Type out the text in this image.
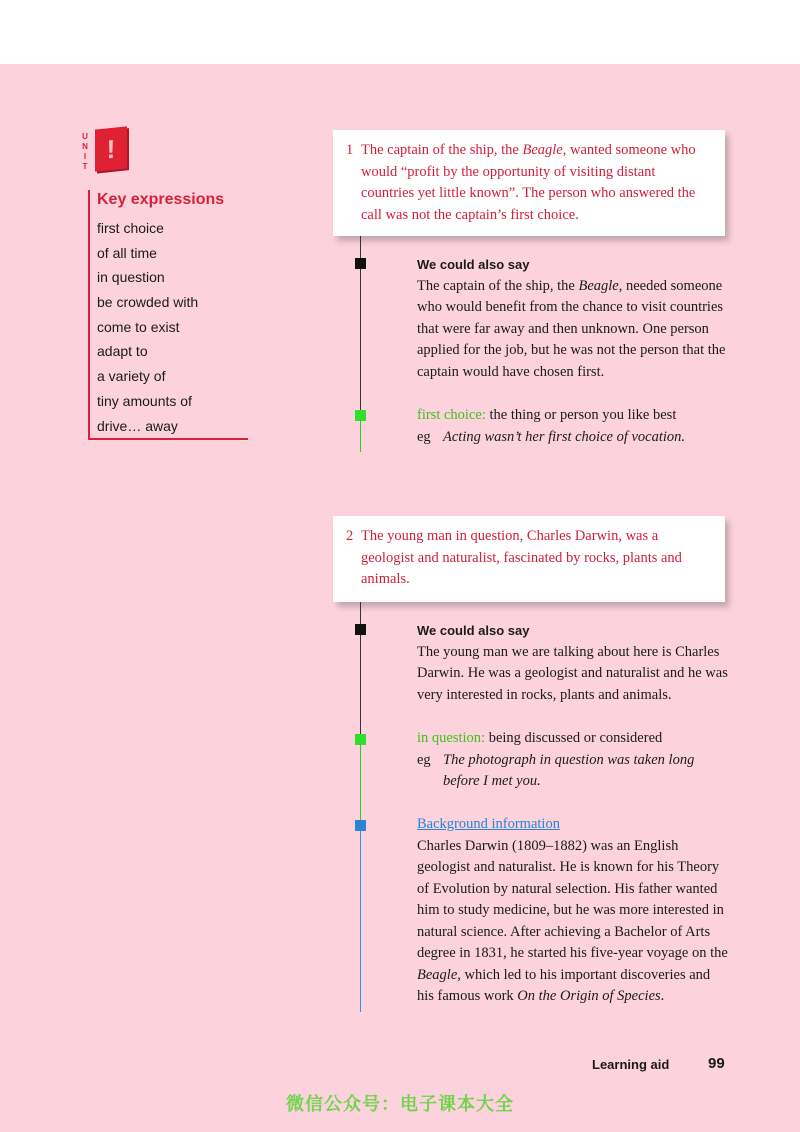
U
N
I
T
!
Key expressions
first choice
of all time
in question
be crowded with
come to exist
adapt to
a variety of
tiny amounts of
drive… away
1 The captain of the ship, the Beagle, wanted someone who would “profit by the opportunity of visiting distant countries yet little known”. The person who answered the call was not the captain’s first choice.
We could also say
The captain of the ship, the Beagle, needed someone who would benefit from the chance to visit countries that were far away and then unknown. One person applied for the job, but he was not the person that the captain would have chosen first.
first choice: the thing or person you like best
eg Acting wasn’t her first choice of vocation.
2 The young man in question, Charles Darwin, was a geologist and naturalist, fascinated by rocks, plants and animals.
We could also say
The young man we are talking about here is Charles Darwin. He was a geologist and naturalist and he was very interested in rocks, plants and animals.
in question: being discussed or considered
eg The photograph in question was taken long before I met you.
Background information
Charles Darwin (1809–1882) was an English geologist and naturalist. He is known for his Theory of Evolution by natural selection. His father wanted him to study medicine, but he was more interested in natural science. After achieving a Bachelor of Arts degree in 1831, he started his five-year voyage on the Beagle, which led to his important discoveries and his famous work On the Origin of Species.
Learning aid	99
微信公众号：电子课本大全
